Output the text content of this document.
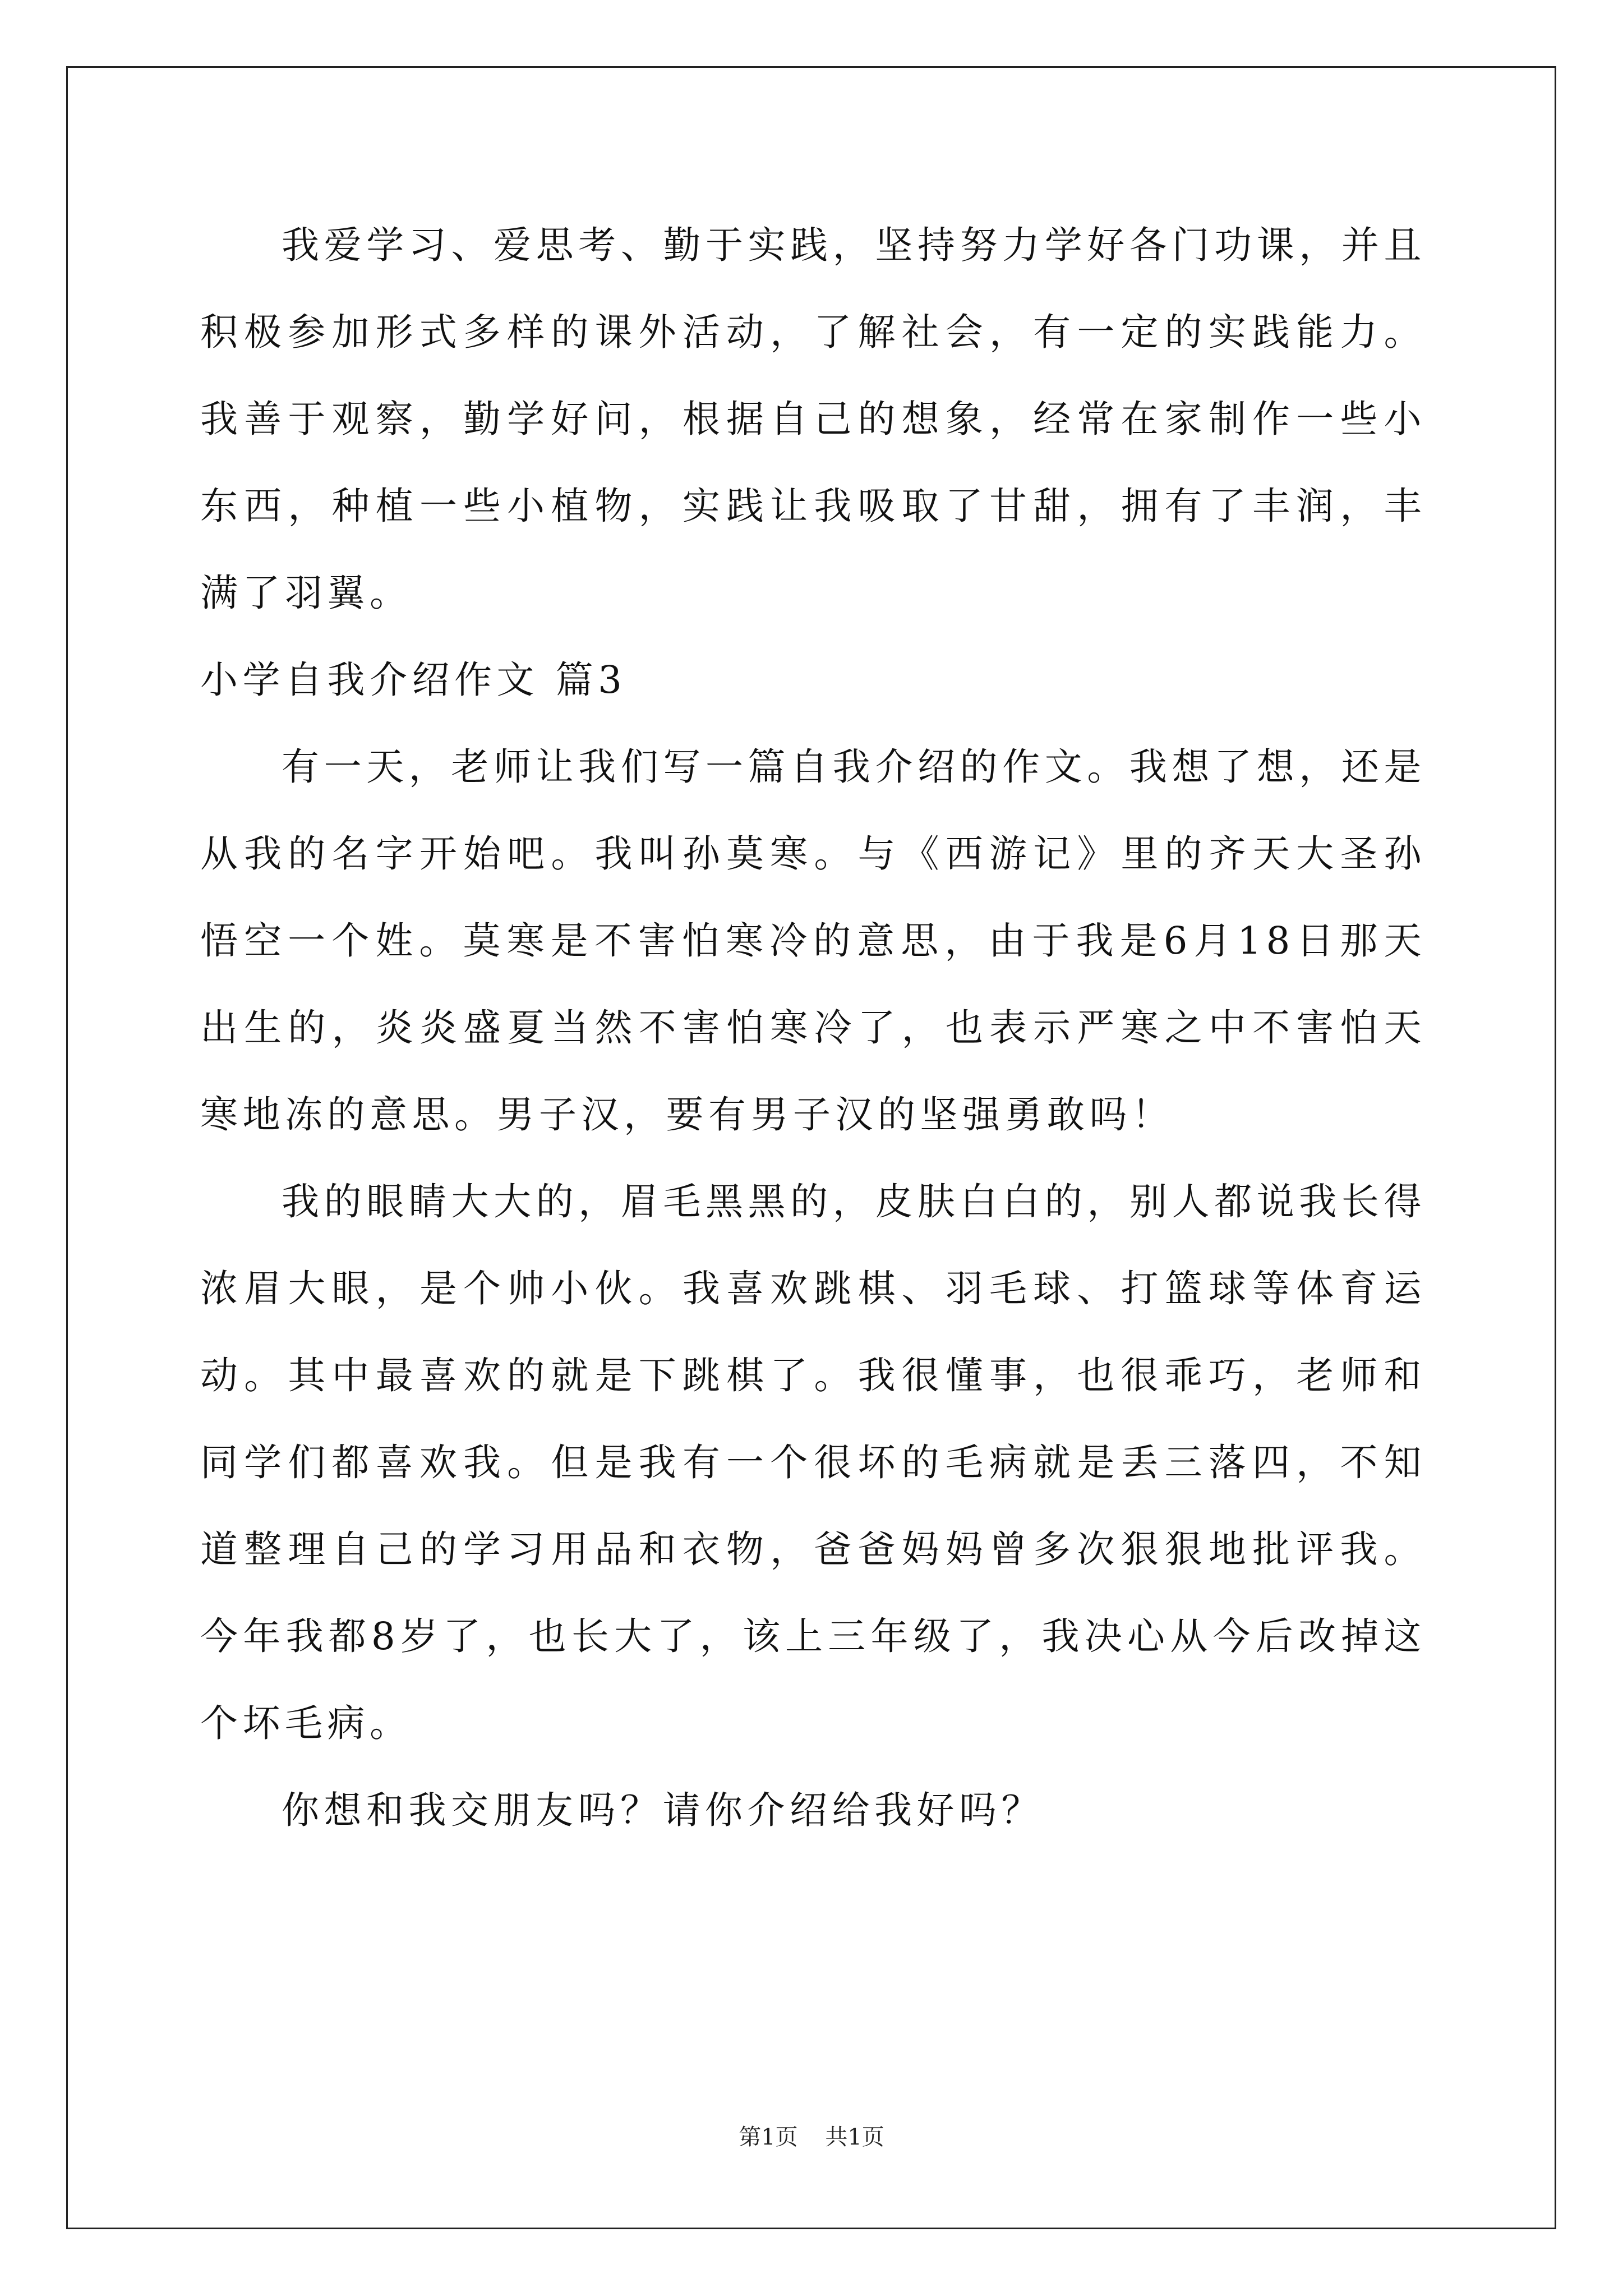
我爱学习、爱思考、勤于实践，坚持努力学好各门功课，并且积极参加形式多样的课外活动，了解社会，有一定的实践能力。我善于观察，勤学好问，根据自己的想象，经常在家制作一些小东西，种植一些小植物，实践让我吸取了甘甜，拥有了丰润，丰满了羽翼。

小学自我介绍作文 篇3

有一天，老师让我们写一篇自我介绍的作文。我想了想，还是从我的名字开始吧。我叫孙莫寒。与《西游记》里的齐天大圣孙悟空一个姓。莫寒是不害怕寒冷的意思，由于我是6月18日那天出生的，炎炎盛夏当然不害怕寒冷了，也表示严寒之中不害怕天寒地冻的意思。男子汉，要有男子汉的坚强勇敢吗！

我的眼睛大大的，眉毛黑黑的，皮肤白白的，别人都说我长得浓眉大眼，是个帅小伙。我喜欢跳棋、羽毛球、打篮球等体育运动。其中最喜欢的就是下跳棋了。我很懂事，也很乖巧，老师和同学们都喜欢我。但是我有一个很坏的毛病就是丢三落四，不知道整理自己的学习用品和衣物，爸爸妈妈曾多次狠狠地批评我。今年我都8岁了，也长大了，该上三年级了，我决心从今后改掉这个坏毛病。

你想和我交朋友吗？请你介绍给我好吗？

第1页 共1页
